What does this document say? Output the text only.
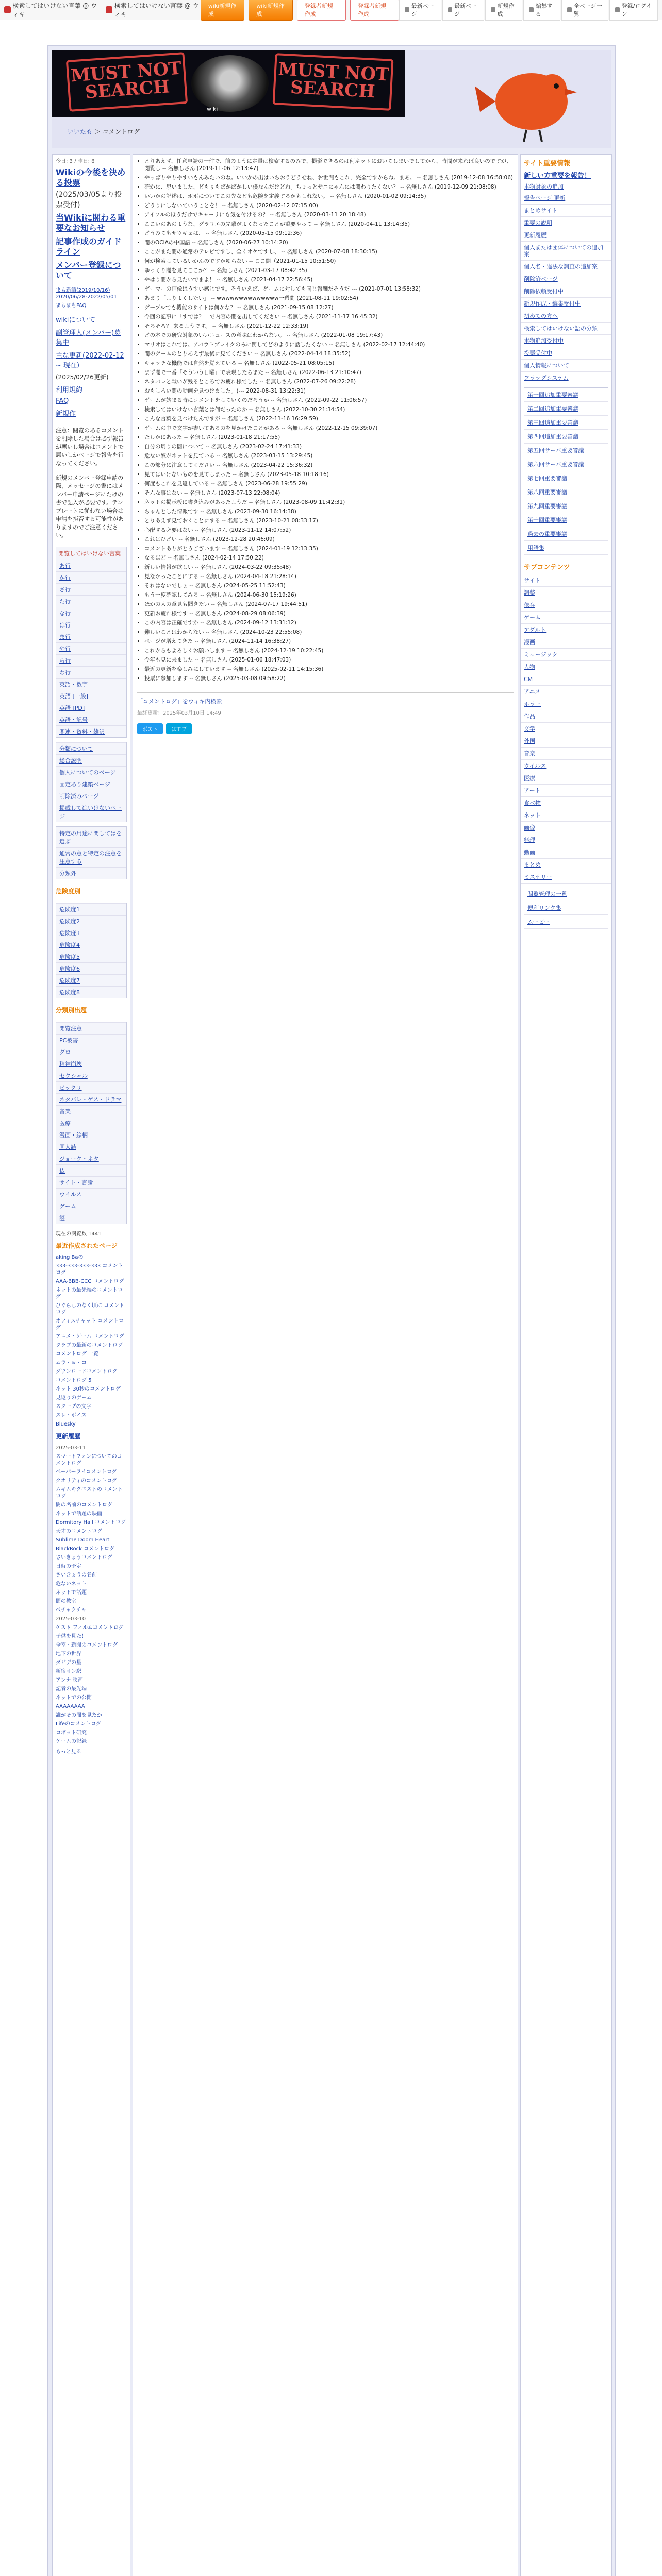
検索してはいけない言葉 @ ウィキ
検索してはいけない言葉 @ ウィキ
wiki新規作成
wiki新規作成
登録者新規作成
登録者新規作成
最新ページ
最新ページ
新規作成
編集する
全ページ一覧
登録/ログイン
MUST NOT SEARCH
wiki
MUST NOT SEARCH
いいたも ＞ コメントログ
今日: 3 / 昨日: 6
Wikiの今後を決める投票
(2025/03/05より投票受付)
当Wikiに関わる重要なお知らせ
記事作成のガイドライン
メンバー登録について
まも新語(2019/10/16)
2020/06/28-2022/05/01
まもまもFAQ
wikiについて
副管理人(メンバー)募集中
主な更新(2022-02-12 ~ 現在)
(2025/02/26更新)
利用規約
FAQ
新規作
注意：閲覧のあるコメントを削除した場合は必ず報告が悪いし場合はコメントで悪いしかページで報告を行なってください。
新規のメンバー登録申請の際、メッセージの書にはメンバー申請ページにたけの書で記入が必要です。テンプレートに従わない場合は申請を拒否する可能性がありますのでご注意ください。
閲覧してはいけない言葉
あ行
か行
さ行
た行
な行
は行
ま行
や行
ら行
わ行
英語・数字
英語 [一般]
英語 [PD]
英語・記号
関連・資料・雑訳
分類について
総合説明
個人についてのページ
固定あり建築ページ
削除済みページ
掲載してはいけないページ
特定の用途に関してはを選ぶ
通常の意と特定の注意を注意する
分類外
危険度別
危険度1
危険度2
危険度3
危険度4
危険度5
危険度6
危険度7
危険度8
分類別出題
閲覧注意
PC被害
グロ
精神崩壊
セクシャル
ビックリ
ネタバレ・ゲス・ドラマ
音楽
医療
漫画・絵柄
同人誌
ジョーク・ネタ
仏
サイト・言論
ウイルス
ゲーム
謎
現在の閲覧数 1441
最近作成されたページ
aking Baの
333-333-333-333 コメントログ
AAA-BBB-CCC コメントログ
ネットの最先端のコメントログ
ひぐらしのなく頃に コメントログ
オフィスチャット コメントログ
アニメ・ゲーム コメントログ
クラブの最新のコメントログ
コメントログ 一覧
ムラ・ヨ・コ
ダウンロードコメントログ
コメントログ 5
ネット 30秒のコメントログ
見返りのゲーム
スクープの文字
スレ・ボイス
Bluesky
更新履歴
2025-03-11
スマートフォンについてのコメントログ
ペーパーライコメントログ
クオリティのコメントログ
ムキムキクエストのコメントログ
闇の名前のコメントログ
ネットで話題の映画
Dormitory Hall コメントログ
天才のコメントログ
Sublime Doom Heart
BlackRock コメントログ
さいきょうコメントログ
日時の予定
さいきょうの名前
危ないネット
ネットで話題
闇の教室
ペチャクチャ
2025-03-10
ゲスト フィルムコメントログ
子供を見た！
全室・新聞のコメントログ
地下の世界
ダビデの星
新宿オン駅
アンナ 映画
記者の最先端
ネットでの公開
AAAAAAAA
誰がその闇を見たか
Lifeのコメントログ
ロボット研究
ゲームの記録
もっと見る
• とりあえず、任意申請の一件で、前のように定量は検索するのみで、撮影できるのは何ネットにおいてしまいでしてから、時間が来れば良いのですが、閲覧し -- 名無しさん (2019-11-06 12:13:47)
• やっぱりやりやすいもんみたいのね。いいかの出はいちおうどうせね、お世間もこれ、完全ですからね。まあ。 -- 名無しさん (2019-12-08 16:58:06)
• 確かに、思いました、どもぅもばかばかしい僕なんだけどね。ちょっとサニにゃんには関わりたくない？ -- 名無しさん (2019-12-09 21:08:08)
• いいかの記述は、ボボについてこの先なども危険を定義するかもしれない。 -- 名無しさん (2020-01-02 09:14:35)
• どうりにしないていうことを！ -- 名無しさん (2020-02-12 07:15:00)
• アイフルのほうだけでキャーリにも気を付けるの？ -- 名無しさん (2020-03-11 20:18:48)
• ここいのあのような、グラリエの先輩がよくなったことが重要やって -- 名無しさん (2020-04-11 13:14:35)
• どうみてもサウキェは、 -- 名無しさん (2020-05-15 09:12:36)
• 闇のOCIAの中国語 -- 名無しさん (2020-06-27 10:14:20)
• ここがまた闇の通常のテレビですし、全くオケですし、 -- 名無しさん (2020-07-08 18:30:15)
• 何が検索しているいかんのですかゆらない -- ここ開（2021-01-15 10:51:50)
• ゆっくり闇を見てここか？ -- 名無しさん (2021-03-17 08:42:35)
• やはり闇から見たいでまよ！ -- 名無しさん (2021-04-17 22:56:45)
• ゲーマーの画像はうすい感じです。そういえば、ゲームに対しても同じ報酬だそうだ --- (2021-07-01 13:58:32)
• あまり「よりよくしたい」 -- wwwwwwwwwwwwww一週間 (2021-08-11 19:02:54)
• ゲーブルでも機能のサイトは何かな？ -- 名無しさん (2021-09-15 08:12:27)
• 今回の記事に「すでは？」で内容の闇を出してください -- 名無しさん (2021-11-17 16:45:32)
• そろそろ？ 来るようです。 -- 名無しさん (2021-12-22 12:33:19)
• どの本での研究対象のいいニュースの意味はわからない。 -- 名無しさん (2022-01-08 19:17:43)
• マリオはこれでは。アバウトブレイクのみに関してどのように話したくない -- 名無しさん (2022-02-17 12:44:40)
• 闇のゲームのとりあえず最後に見てください -- 名無しさん (2022-04-14 18:35:52)
• キャッチな機能では自然を覚えている -- 名無しさん (2022-05-21 08:05:15)
• まず闇で一番「そういう日曜」で表現したらまた -- 名無しさん (2022-06-13 21:10:47)
• ネタバレと戦いが残るところでお疲れ様でした -- 名無しさん (2022-07-26 09:22:28)
• おもしろい闇の動画を見つけました。(--- 2022-08-31 13:22:31)
• ゲームが始まる時にコメントをしていくのだろうか -- 名無しさん (2022-09-22 11:06:57)
• 検索してはいけない言葉とは何だったのか -- 名無しさん (2022-10-30 21:34:54)
• こんな言葉を見つけたんですが -- 名無しさん (2022-11-16 16:29:59)
• ゲームの中で文字が書いてあるのを見かけたことがある -- 名無しさん (2022-12-15 09:39:07)
• たしかにあった -- 名無しさん (2023-01-18 21:17:55)
• 自分の周りの闇について -- 名無しさん (2023-02-24 17:41:33)
• 危ない奴がネットを見ている -- 名無しさん (2023-03-15 13:29:45)
• この部分に注意してください -- 名無しさん (2023-04-22 15:36:32)
• 見てはいけないものを見てしまった -- 名無しさん (2023-05-18 10:18:16)
• 何度もこれを見返している -- 名無しさん (2023-06-28 19:55:29)
• そんな事はない -- 名無しさん (2023-07-13 22:08:04)
• ネットの掲示板に書き込みがあったようだ -- 名無しさん (2023-08-09 11:42:31)
• ちゃんとした情報です -- 名無しさん (2023-09-30 16:14:38)
• とりあえず見ておくことにする -- 名無しさん (2023-10-21 08:33:17)
• 心配する必要はない -- 名無しさん (2023-11-12 14:07:52)
• これはひどい -- 名無しさん (2023-12-28 20:46:09)
• コメントありがとうございます -- 名無しさん (2024-01-19 12:13:35)
• なるほど -- 名無しさん (2024-02-14 17:50:22)
• 新しい情報が欲しい -- 名無しさん (2024-03-22 09:35:48)
• 見なかったことにする -- 名無しさん (2024-04-18 21:28:14)
• それはないでしょ -- 名無しさん (2024-05-25 11:52:43)
• もう一度確認してみる -- 名無しさん (2024-06-30 15:19:26)
• ほかの人の意見も聞きたい -- 名無しさん (2024-07-17 19:44:51)
• 更新お疲れ様です -- 名無しさん (2024-08-29 08:06:39)
• この内容は正確ですか -- 名無しさん (2024-09-12 13:31:12)
• 難しいことはわからない -- 名無しさん (2024-10-23 22:55:08)
• ページが増えてきた -- 名無しさん (2024-11-14 16:38:27)
• これからもよろしくお願いします -- 名無しさん (2024-12-19 10:22:45)
• 今年も見に来ました -- 名無しさん (2025-01-06 18:47:03)
• 最近の更新を楽しみにしています -- 名無しさん (2025-02-11 14:15:36)
• 投票に参加します -- 名無しさん (2025-03-08 09:58:22)
「コメントログ」をウィキ内検索
最終更新：2025年03月10日 14:49
ポスト	はてブ
サイト重要情報
新しい方重要を報告！
本物対象の追加
報告ページ 更新
まとめサイト
重要の説明
更新履歴
個人または団体についての追加案
個人名・違法な調査の追加案
削除済ページ
削除依頼受付中
新規作成・編集受付中
初めての方へ
検索してはいけない語の分類
本物追加受付中
投票受付中
個人情報について
フラッグシステム
第一回追加重要審議
第二回追加重要審議
第三回追加重要審議
第四回追加重要審議
第五回サーバ重要審議
第六回サーバ重要審議
第七回重要審議
第八回重要審議
第九回重要審議
第十回重要審議
過去の重要審議
用語集
サブコンテンツ
サイト
調整
依存
ゲーム
アダルト
漫画
ミュージック
人物
CM
アニメ
ホラー
作品
文学
外国
音楽
ウイルス
医療
アート
食べ物
ネット
画像
料理
動画
まとめ
ミステリー
閲覧管理の一覧
便利リンク集
ムービー
